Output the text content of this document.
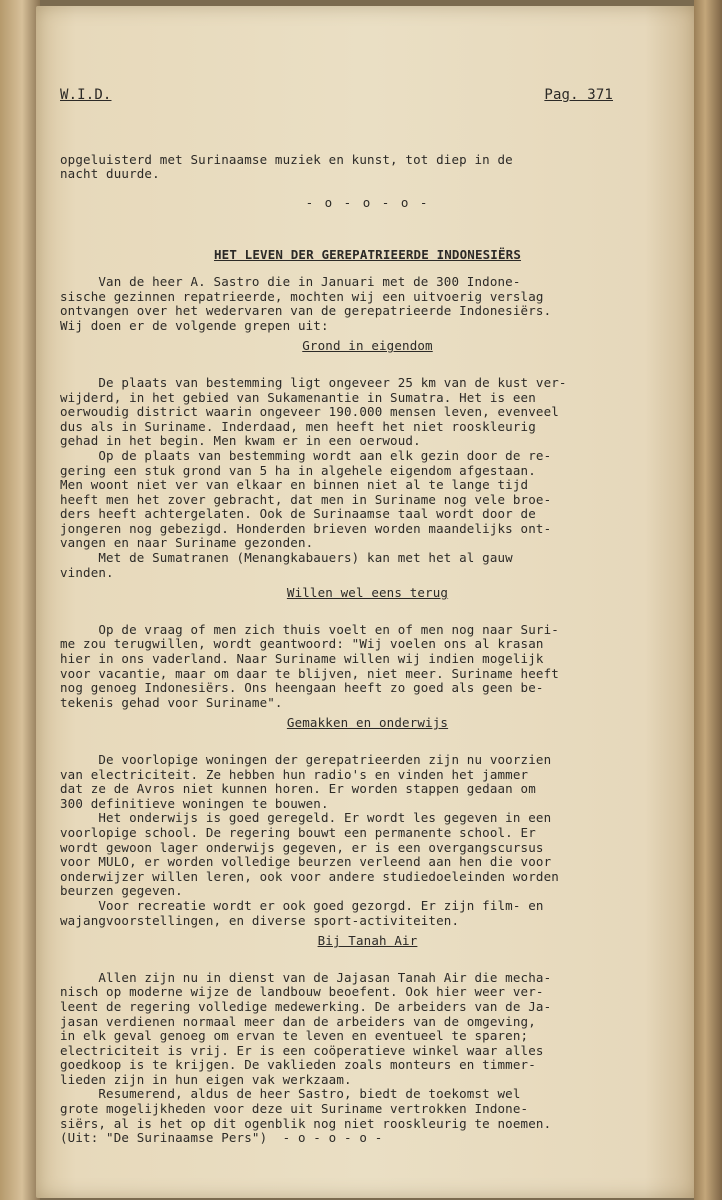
W.I.D.	Pag. 371
opgeluisterd met Surinaamse muziek en kunst, tot diep in de
nacht duurde.
- o - o - o -
HET LEVEN DER GEREPATRIEERDE INDONESIËRS
Van de heer A. Sastro die in Januari met de 300 Indone-
sische gezinnen repatrieerde, mochten wij een uitvoerig verslag
ontvangen over het wedervaren van de gerepatrieerde Indonesiërs.
Wij doen er de volgende grepen uit:
Grond in eigendom
De plaats van bestemming ligt ongeveer 25 km van de kust ver-
wijderd, in het gebied van Sukamenantie in Sumatra. Het is een
oerwoudig district waarin ongeveer 190.000 mensen leven, evenveel
dus als in Suriname. Inderdaad, men heeft het niet rooskleurig
gehad in het begin. Men kwam er in een oerwoud.
Op de plaats van bestemming wordt aan elk gezin door de re-
gering een stuk grond van 5 ha in algehele eigendom afgestaan.
Men woont niet ver van elkaar en binnen niet al te lange tijd
heeft men het zover gebracht, dat men in Suriname nog vele broe-
ders heeft achtergelaten. Ook de Surinaamse taal wordt door de
jongeren nog gebezigd. Honderden brieven worden maandelijks ont-
vangen en naar Suriname gezonden.
Met de Sumatranen (Menangkabauers) kan met het al gauw
vinden.
Willen wel eens terug
Op de vraag of men zich thuis voelt en of men nog naar Suri-
me zou terugwillen, wordt geantwoord: "Wij voelen ons al krasan
hier in ons vaderland. Naar Suriname willen wij indien mogelijk
voor vacantie, maar om daar te blijven, niet meer. Suriname heeft
nog genoeg Indonesiërs. Ons heengaan heeft zo goed als geen be-
tekenis gehad voor Suriname".
Gemakken en onderwijs
De voorlopige woningen der gerepatrieerden zijn nu voorzien
van electriciteit. Ze hebben hun radio's en vinden het jammer
dat ze de Avros niet kunnen horen. Er worden stappen gedaan om
300 definitieve woningen te bouwen.
Het onderwijs is goed geregeld. Er wordt les gegeven in een
voorlopige school. De regering bouwt een permanente school. Er
wordt gewoon lager onderwijs gegeven, er is een overgangscursus
voor MULO, er worden volledige beurzen verleend aan hen die voor
onderwijzer willen leren, ook voor andere studiedoeleinden worden
beurzen gegeven.
Voor recreatie wordt er ook goed gezorgd. Er zijn film- en
wajangvoorstellingen, en diverse sport-activiteiten.
Bij Tanah Air
Allen zijn nu in dienst van de Jajasan Tanah Air die mecha-
nisch op moderne wijze de landbouw beoefent. Ook hier weer ver-
leent de regering volledige medewerking. De arbeiders van de Ja-
jasan verdienen normaal meer dan de arbeiders van de omgeving,
in elk geval genoeg om ervan te leven en eventueel te sparen;
electriciteit is vrij. Er is een coöperatieve winkel waar alles
goedkoop is te krijgen. De vaklieden zoals monteurs en timmer-
lieden zijn in hun eigen vak werkzaam.
Resumerend, aldus de heer Sastro, biedt de toekomst wel
grote mogelijkheden voor deze uit Suriname vertrokken Indone-
siërs, al is het op dit ogenblik nog niet rooskleurig te noemen.
(Uit: "De Surinaamse Pers")  - o - o - o -
